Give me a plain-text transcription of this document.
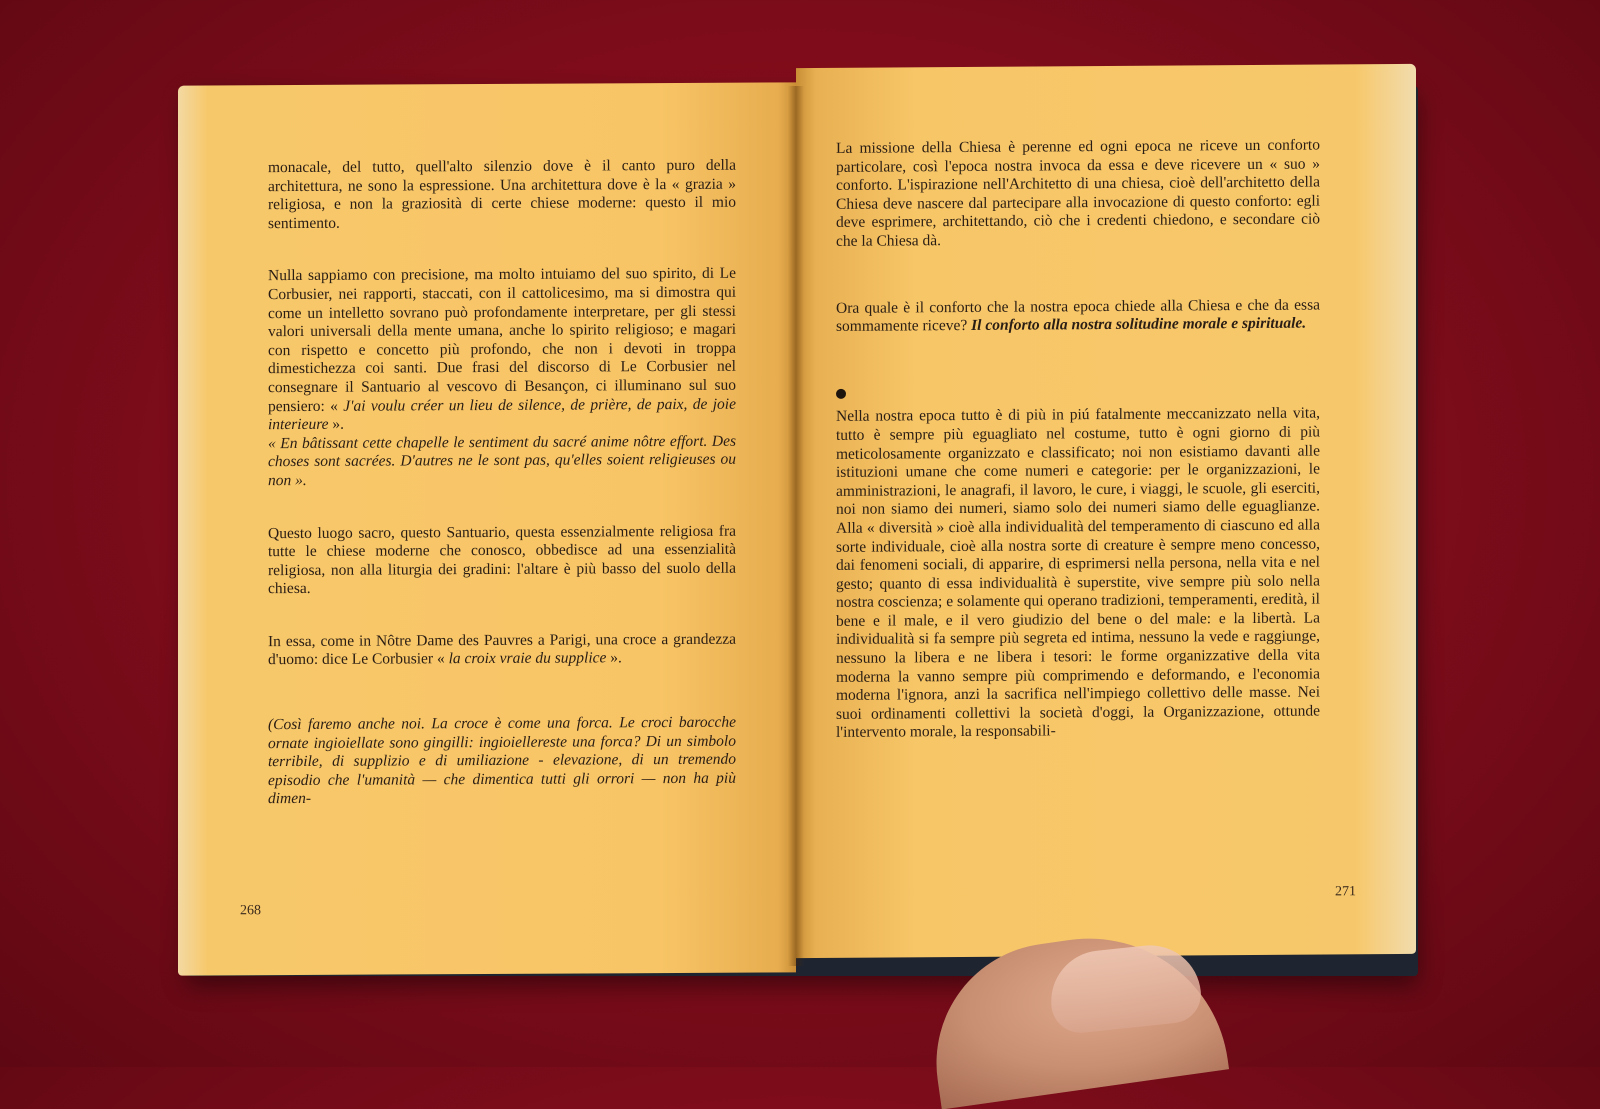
monacale, del tutto, quell'alto silenzio dove è il canto puro della architettura, ne sono la espressione. Una architettura dove è la « grazia » religiosa, e non la graziosità di certe chiese moderne: questo il mio sentimento.

Nulla sappiamo con precisione, ma molto intuiamo del suo spirito, di Le Corbusier, nei rapporti, staccati, con il cattolicesimo, ma si dimostra qui come un intelletto sovrano può profondamente interpretare, per gli stessi valori universali della mente umana, anche lo spirito religioso; e magari con rispetto e concetto più profondo, che non i devoti in troppa dimestichezza coi santi. Due frasi del discorso di Le Corbusier nel consegnare il Santuario al vescovo di Besançon, ci illuminano sul suo pensiero: « J'ai voulu créer un lieu de silence, de prière, de paix, de joie interieure ».

« En bâtissant cette chapelle le sentiment du sacré anime nôtre effort. Des choses sont sacrées. D'autres ne le sont pas, qu'elles soient religieuses ou non ».

Questo luogo sacro, questo Santuario, questa essenzialmente religiosa fra tutte le chiese moderne che conosco, obbedisce ad una essenzialità religiosa, non alla liturgia dei gradini: l'altare è più basso del suolo della chiesa.

In essa, come in Nôtre Dame des Pauvres a Parigi, una croce a grandezza d'uomo: dice Le Corbusier « la croix vraie du supplice ».

(Così faremo anche noi. La croce è come una forca. Le croci barocche ornate ingioiellate sono gingilli: ingioiellereste una forca? Di un simbolo terribile, di supplizio e di umiliazione - elevazione, di un tremendo episodio che l'umanità — che dimentica tutti gli orrori — non ha più dimen-

268

La missione della Chiesa è perenne ed ogni epoca ne riceve un conforto particolare, così l'epoca nostra invoca da essa e deve ricevere un « suo » conforto. L'ispirazione nell'Architetto di una chiesa, cioè dell'architetto della Chiesa deve nascere dal partecipare alla invocazione di questo conforto: egli deve esprimere, architettando, ciò che i credenti chiedono, e secondare ciò che la Chiesa dà.

Ora quale è il conforto che la nostra epoca chiede alla Chiesa e che da essa sommamente riceve? Il conforto alla nostra solitudine morale e spirituale.

Nella nostra epoca tutto è di più in piú fatalmente meccanizzato nella vita, tutto è sempre più eguagliato nel costume, tutto è ogni giorno di più meticolosamente organizzato e classificato; noi non esistiamo davanti alle istituzioni umane che come numeri e categorie: per le organizzazioni, le amministrazioni, le anagrafi, il lavoro, le cure, i viaggi, le scuole, gli eserciti, noi non siamo dei numeri, siamo solo dei numeri siamo delle eguaglianze. Alla « diversità » cioè alla individualità del temperamento di ciascuno ed alla sorte individuale, cioè alla nostra sorte di creature è sempre meno concesso, dai fenomeni sociali, di apparire, di esprimersi nella persona, nella vita e nel gesto; quanto di essa individualità è superstite, vive sempre più solo nella nostra coscienza; e solamente qui operano tradizioni, temperamenti, eredità, il bene e il male, e il vero giudizio del bene o del male: e la libertà. La individualità si fa sempre più segreta ed intima, nessuno la vede e raggiunge, nessuno la libera e ne libera i tesori: le forme organizzative della vita moderna la vanno sempre più comprimendo e deformando, e l'economia moderna l'ignora, anzi la sacrifica nell'impiego collettivo delle masse. Nei suoi ordinamenti collettivi la società d'oggi, la Organizzazione, ottunde l'intervento morale, la responsabili-

271
